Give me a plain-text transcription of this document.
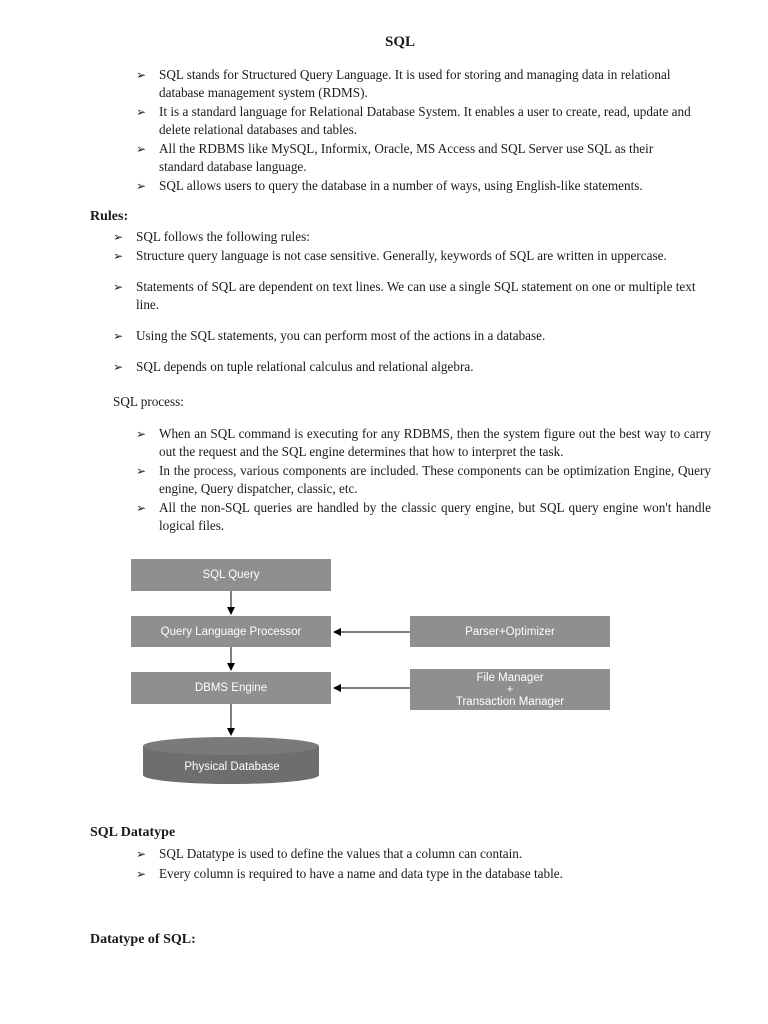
SQL
➢ SQL stands for Structured Query Language. It is used for storing and managing data in relational database management system (RDMS).
➢ It is a standard language for Relational Database System. It enables a user to create, read, update and delete relational databases and tables.
➢ All the RDBMS like MySQL, Informix, Oracle, MS Access and SQL Server use SQL as their standard database language.
➢ SQL allows users to query the database in a number of ways, using English-like statements.
Rules:
➢ SQL follows the following rules:
➢ Structure query language is not case sensitive. Generally, keywords of SQL are written in uppercase.
➢ Statements of SQL are dependent on text lines. We can use a single SQL statement on one or multiple text line.
➢ Using the SQL statements, you can perform most of the actions in a database.
➢ SQL depends on tuple relational calculus and relational algebra.
SQL process:
➢ When an SQL command is executing for any RDBMS, then the system figure out the best way to carry out the request and the SQL engine determines that how to interpret the task.
➢ In the process, various components are included. These components can be optimization Engine, Query engine, Query dispatcher, classic, etc.
➢ All the non-SQL queries are handled by the classic query engine, but SQL query engine won't handle logical files.
Physical Database
SQL Query
Query Language Processor	Parser+Optimizer
DBMS Engine
File Manager
+
Transaction Manager
SQL Datatype
➢ SQL Datatype is used to define the values that a column can contain.
➢ Every column is required to have a name and data type in the database table.
Datatype of SQL:
